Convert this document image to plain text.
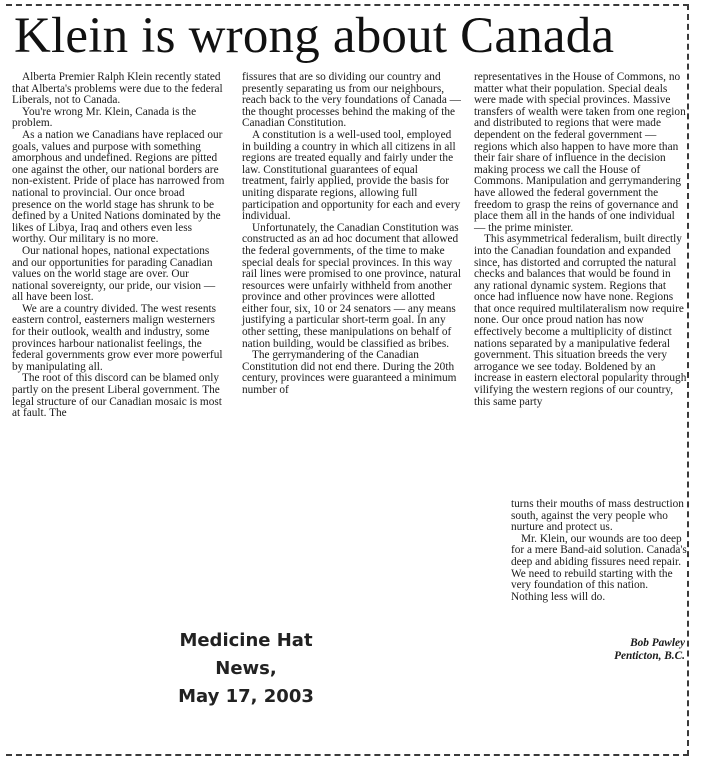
Klein is wrong about Canada

Alberta Premier Ralph Klein recently stated that Alberta's problems were due to the federal Liberals, not to Canada.

You're wrong Mr. Klein, Canada is the problem.

As a nation we Canadians have replaced our goals, values and purpose with something amorphous and undefined. Regions are pitted one against the other, our national borders are non-existent. Pride of place has narrowed from national to provincial. Our once broad presence on the world stage has shrunk to be defined by a United Nations dominated by the likes of Libya, Iraq and others even less worthy. Our military is no more.

Our national hopes, national expectations and our opportunities for parading Canadian values on the world stage are over. Our national sovereignty, our pride, our vision — all have been lost.

We are a country divided. The west resents eastern control, easterners malign westerners for their outlook, wealth and industry, some provinces harbour nationalist feelings, the federal governments grow ever more powerful by manipulating all.

The root of this discord can be blamed only partly on the present Liberal government. The legal structure of our Canadian mosaic is most at fault. The

fissures that are so dividing our country and presently separating us from our neighbours, reach back to the very foundations of Canada — the thought processes behind the making of the Canadian Constitution.

A constitution is a well-used tool, employed in building a country in which all citizens in all regions are treated equally and fairly under the law. Constitutional guarantees of equal treatment, fairly applied, provide the basis for uniting disparate regions, allowing full participation and opportunity for each and every individual.

Unfortunately, the Canadian Constitution was constructed as an ad hoc document that allowed the federal governments, of the time to make special deals for special provinces. In this way rail lines were promised to one province, natural resources were unfairly withheld from another province and other provinces were allotted either four, six, 10 or 24 senators — any means justifying a particular short-term goal. In any other setting, these manipulations on behalf of nation building, would be classified as bribes.

The gerrymandering of the Canadian Constitution did not end there. During the 20th century, provinces were guaranteed a minimum number of

representatives in the House of Commons, no matter what their population. Special deals were made with special provinces. Massive transfers of wealth were taken from one region and distributed to regions that were made dependent on the federal government — regions which also happen to have more than their fair share of influence in the decision making process we call the House of Commons. Manipulation and gerrymandering have allowed the federal government the freedom to grasp the reins of governance and place them all in the hands of one individual — the prime minister.

This asymmetrical federalism, built directly into the Canadian foundation and expanded since, has distorted and corrupted the natural checks and balances that would be found in any rational dynamic system. Regions that once had influence now have none. Regions that once required multilateralism now require none. Our once proud nation has now effectively become a multiplicity of distinct nations separated by a manipulative federal government. This situation breeds the very arrogance we see today. Boldened by an increase in eastern electoral popularity through vilifying the western regions of our country, this same party

turns their mouths of mass destruction south, against the very people who nurture and protect us.

Mr. Klein, our wounds are too deep for a mere Band-aid solution. Canada's deep and abiding fissures need repair. We need to rebuild starting with the very foundation of this nation. Nothing less will do.

Bob Pawley
Penticton, B.C.
Medicine Hat News,
May 17, 2003
